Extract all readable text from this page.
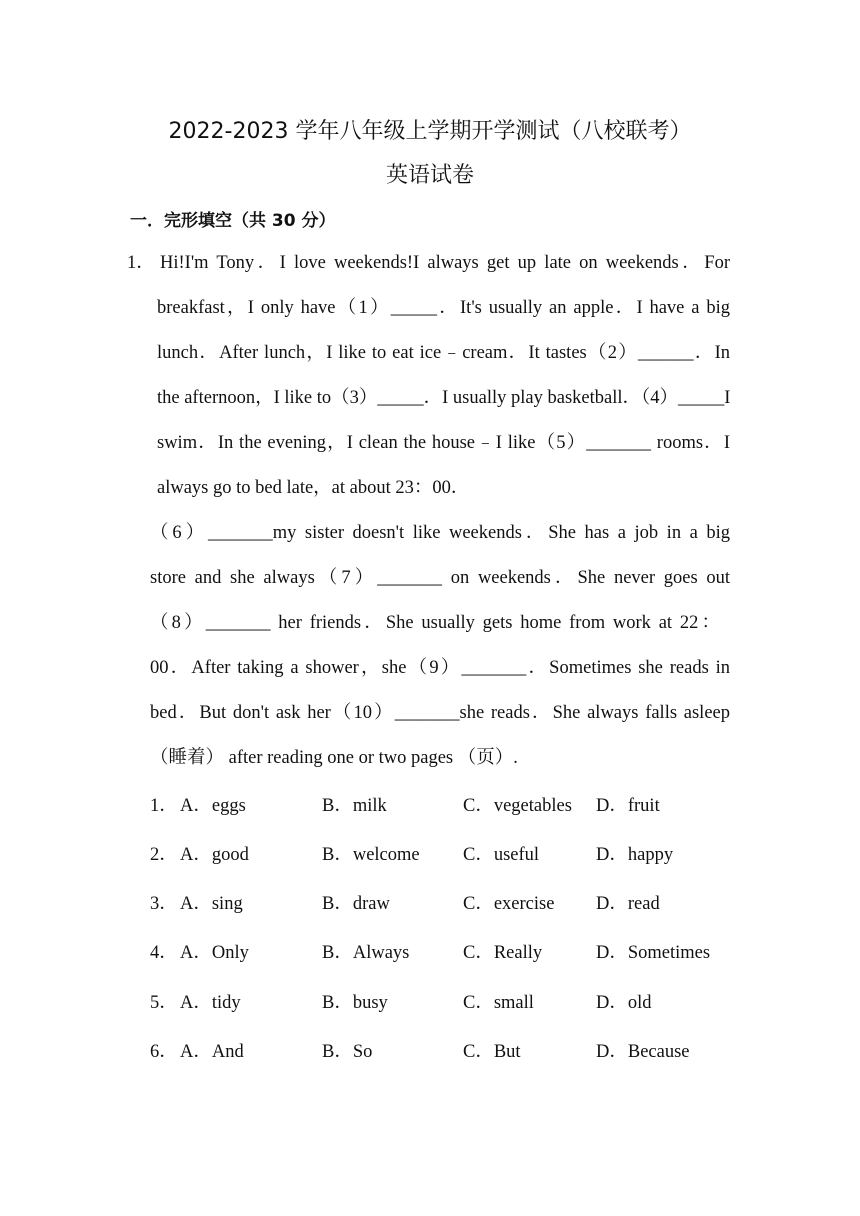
2022-2023 学年八年级上学期开学测试（八校联考）
英语试卷
一．完形填空（共 30 分）
1． Hi!I'm Tony．I love weekends!I always get up late on weekends．For
breakfast，I only have（1）_____．It's usually an apple．I have a big
lunch．After lunch，I like to eat ice﹣cream．It tastes（2）______．In
the afternoon，I like to（3）_____．I usually play basketball．（4）_____I
swim．In the evening，I clean the house﹣I like（5）_______ rooms．I
always go to bed late，at about 23：00．
（6）_______my sister doesn't like weekends．She has a job in a big
store and she always（7）_______ on weekends．She never goes out
（8）_______ her friends．She usually gets home from work at 22：
00．After taking a shower，she（9）_______．Sometimes she reads in
bed．But don't ask her（10）_______she reads．She always falls asleep
（睡着） after reading one or two pages （页）.
1． A．eggs	B．milk	C．vegetables D．fruit
2． A．good	B．welcome C．useful	D．happy
3． A．sing	B．draw	C．exercise D．read
4． A．Only	B．Always	C．Really	D．Sometimes
5． A．tidy	B．busy	C．small	D．old
6． A．And	B．So	C．But	D．Because
